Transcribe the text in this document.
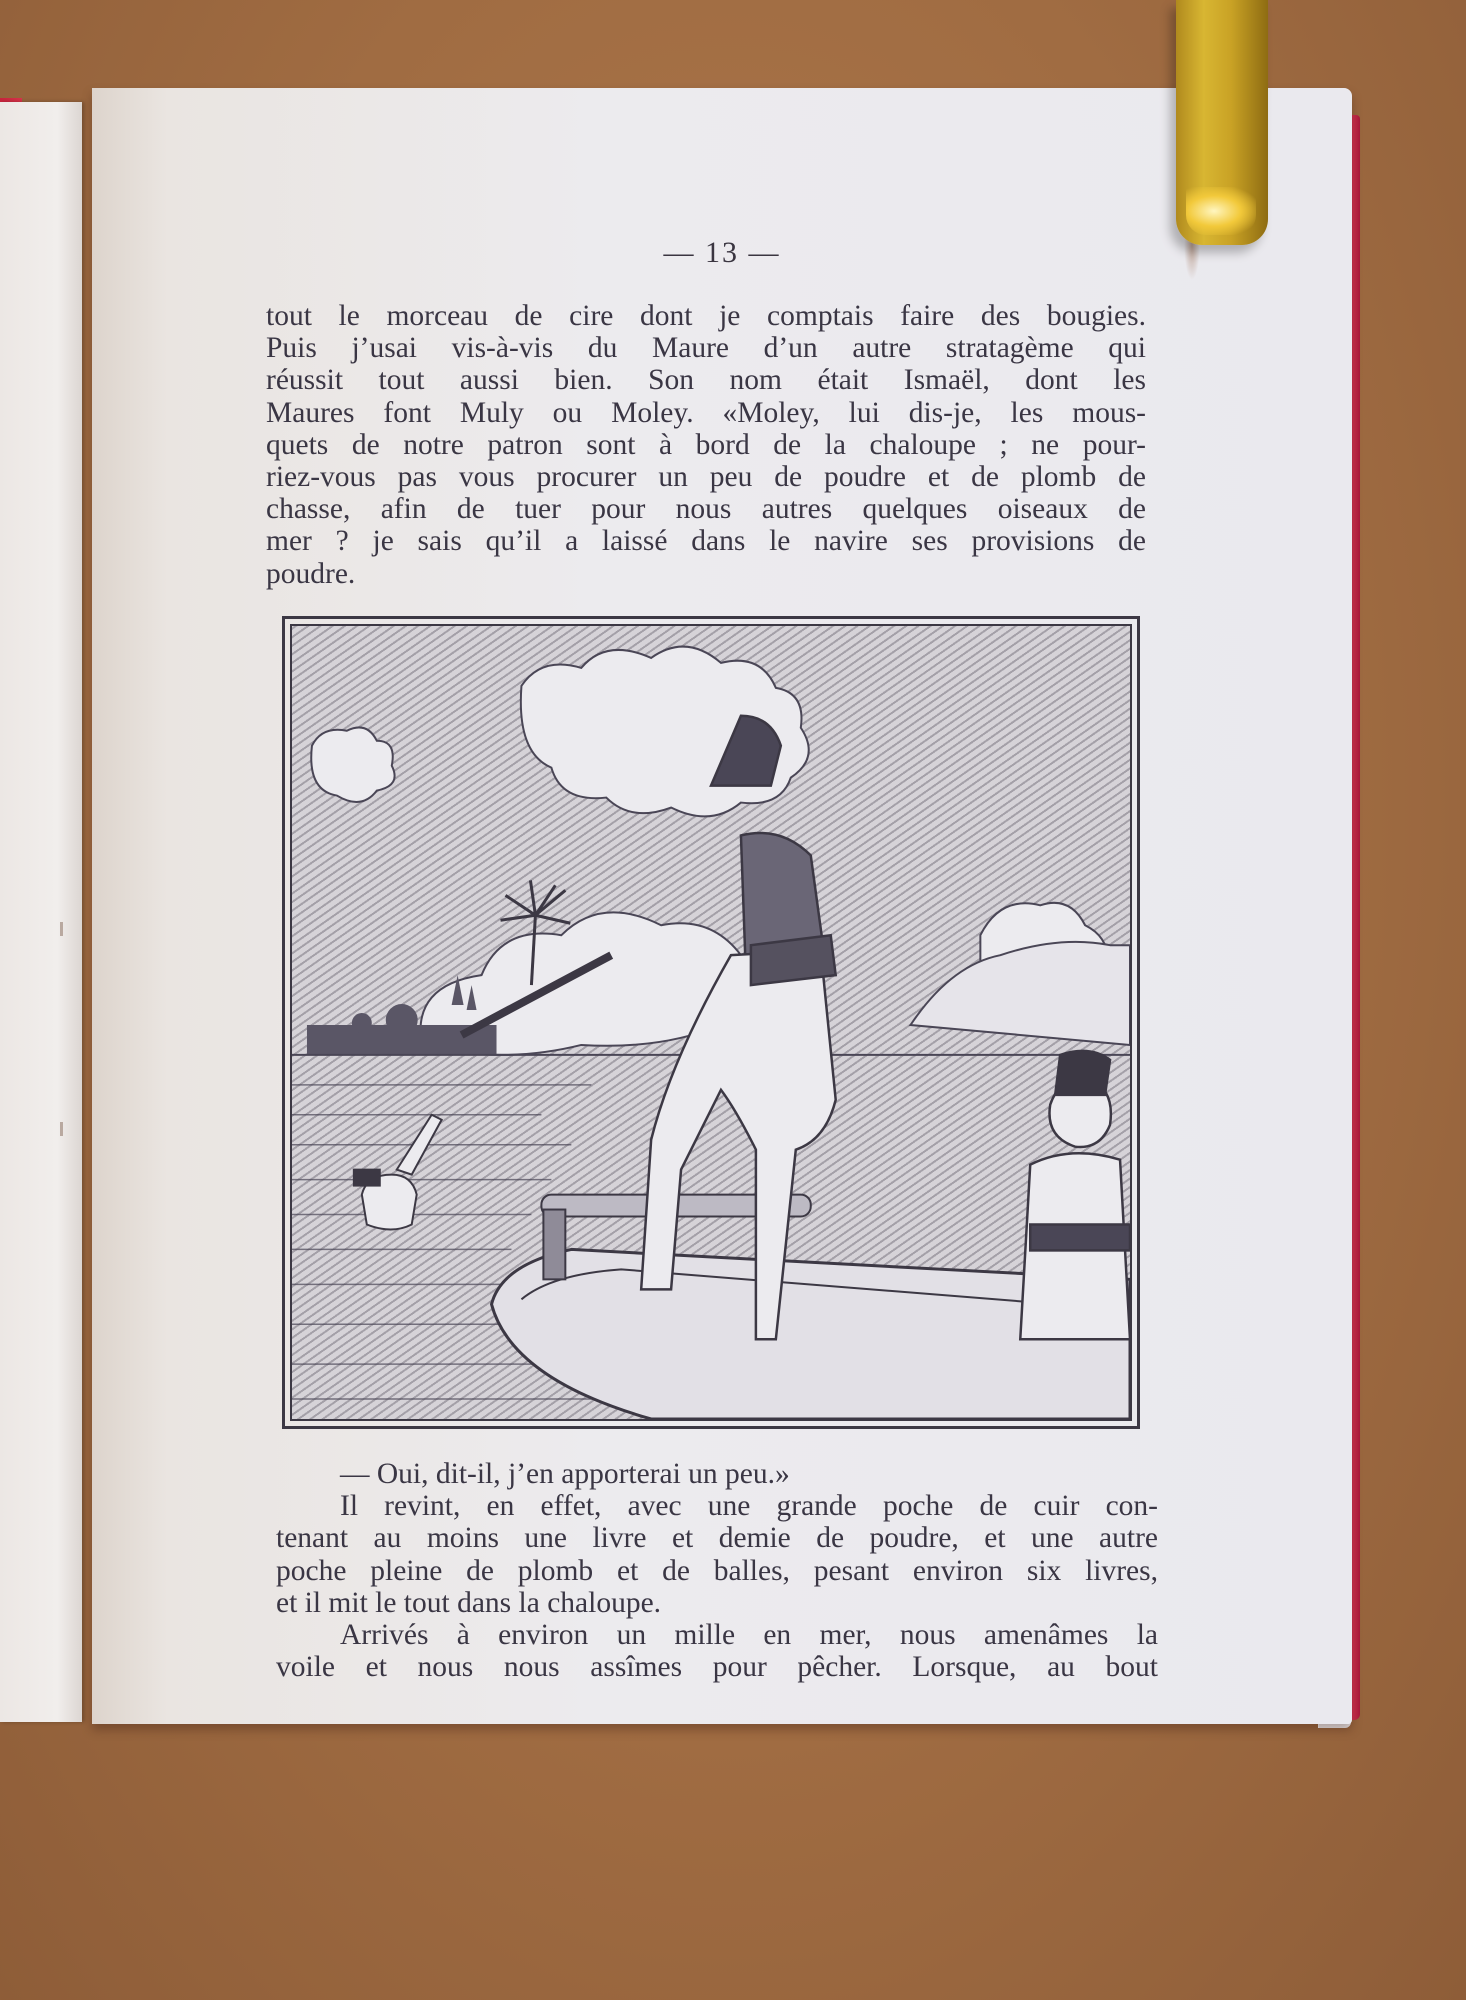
— 13 —
tout le morceau de cire dont je comptais faire des bougies.
Puis j’usai vis-à-vis du Maure d’un autre stratagème qui
réussit tout aussi bien. Son nom était Ismaël, dont les
Maures font Muly ou Moley. «Moley, lui dis-je, les mous-
quets de notre patron sont à bord de la chaloupe ; ne pour-
riez-vous pas vous procurer un peu de poudre et de plomb de
chasse, afin de tuer pour nous autres quelques oiseaux de
mer ? je sais qu’il a laissé dans le navire ses provisions de
poudre.
— Oui, dit-il, j’en apporterai un peu.»
Il revint, en effet, avec une grande poche de cuir con-
tenant au moins une livre et demie de poudre, et une autre
poche pleine de plomb et de balles, pesant environ six livres,
et il mit le tout dans la chaloupe.
Arrivés à environ un mille en mer, nous amenâmes la
voile et nous nous assîmes pour pêcher. Lorsque, au bout
